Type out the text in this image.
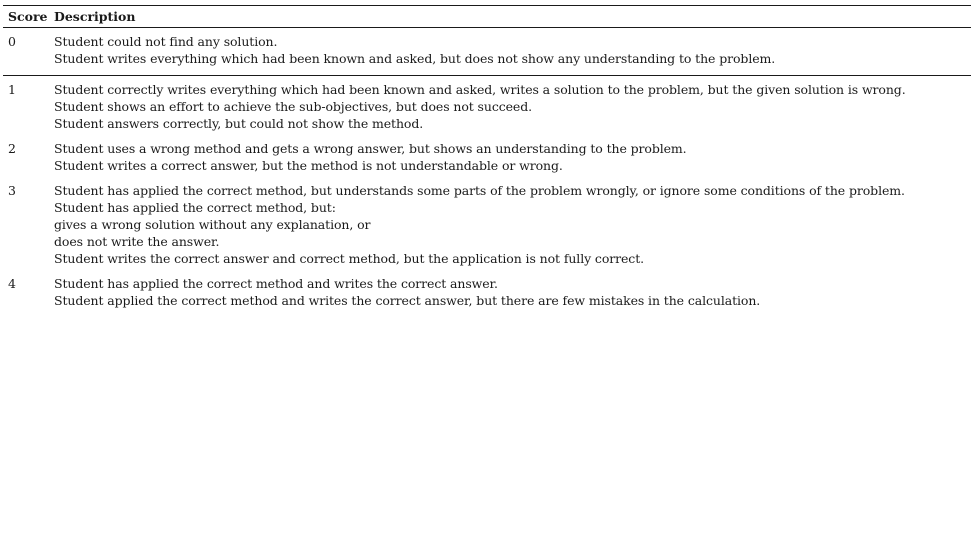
Score Description
0	Student could not find any solution.
Student writes everything which had been known and asked, but does not show any understanding to the problem.
1	Student correctly writes everything which had been known and asked, writes a solution to the problem, but the given solution is wrong.
Student shows an effort to achieve the sub-objectives, but does not succeed.
Student answers correctly, but could not show the method.
2	Student uses a wrong method and gets a wrong answer, but shows an understanding to the problem.
Student writes a correct answer, but the method is not understandable or wrong.
3	Student has applied the correct method, but understands some parts of the problem wrongly, or ignore some conditions of the problem.
Student has applied the correct method, but:
gives a wrong solution without any explanation, or
does not write the answer.
Student writes the correct answer and correct method, but the application is not fully correct.
4	Student has applied the correct method and writes the correct answer.
Student applied the correct method and writes the correct answer, but there are few mistakes in the calculation.
